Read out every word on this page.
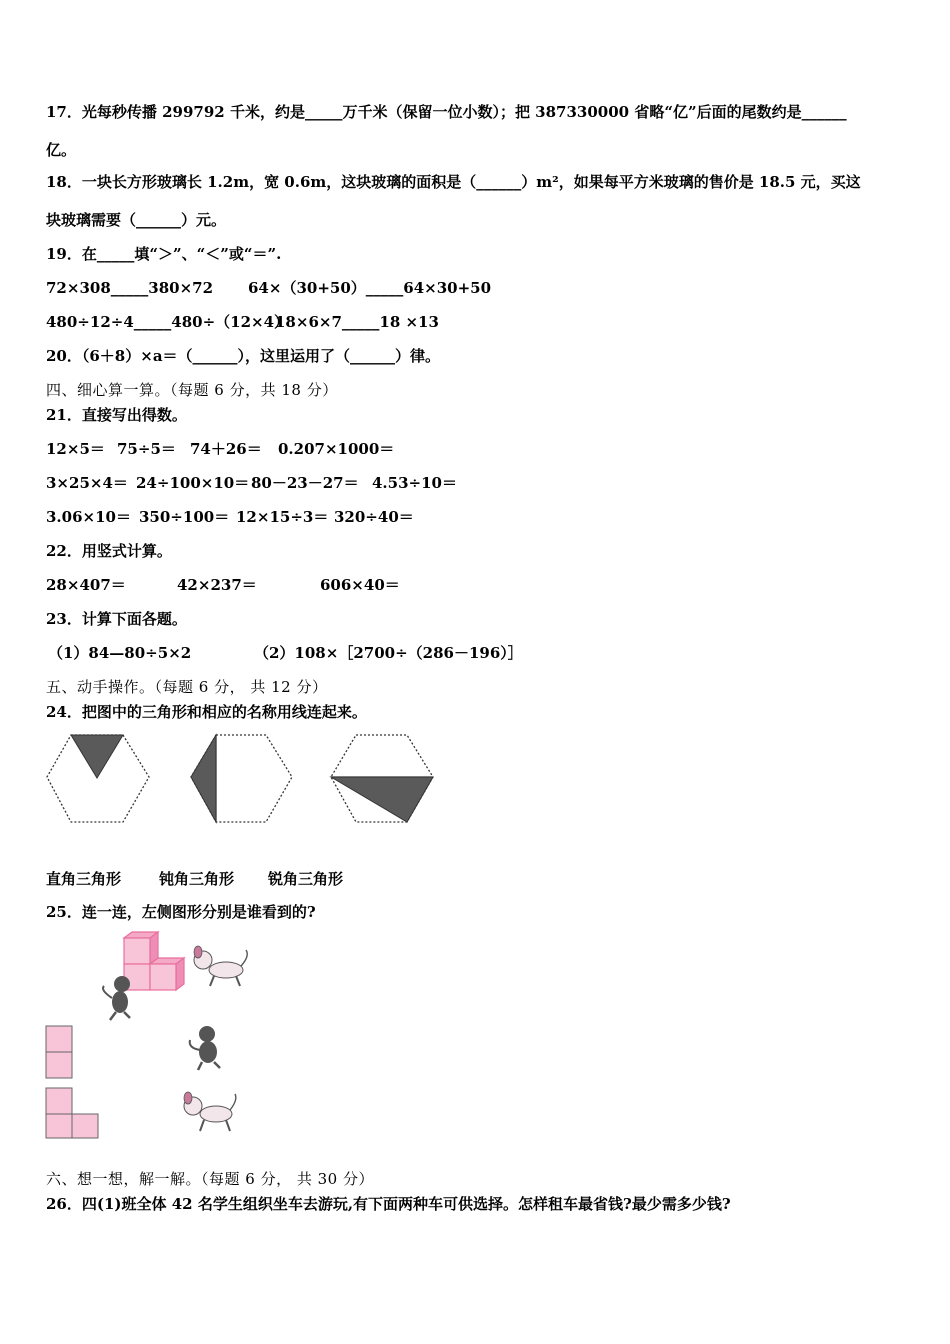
17．光每秒传播 299792 千米，约是_____万千米（保留一位小数）；把 387330000 省略“亿”后面的尾数约是______
亿。
18．一块长方形玻璃长 1.2m，宽 0.6m，这块玻璃的面积是（______）m²，如果每平方米玻璃的售价是 18.5 元，买这
块玻璃需要（______）元。
19．在_____填“＞”、“＜”或“＝”.
72×308_____380×72 64×（30+50）_____64×30+50
480÷12÷4_____480÷（12×4）
18×6×7_____18 ×13
20．（6＋8）×a＝（______），这里运用了（______）律。
四、细心算一算。（每题 6 分，共 18 分）
21．直接写出得数。
12×5＝ 75÷5＝ 74＋26＝ 0.207×1000＝
3×25×4＝ 24÷100×10＝ 80－23－27＝ 4.53÷10＝
3.06×10＝ 350÷100＝ 12×15÷3＝ 320÷40＝
22．用竖式计算。
28×407＝	42×237＝	606×40＝
23．计算下面各题。
（1）84—80÷5×2	（2）108×［2700÷（286－196）］
五、动手操作。（每题 6 分， 共 12 分）
24．把图中的三角形和相应的名称用线连起来。
直角三角形	钝角三角形 锐角三角形
25．连一连，左侧图形分别是谁看到的?
六、想一想，解一解。（每题 6 分， 共 30 分）
26．四(1)班全体 42 名学生组织坐车去游玩,有下面两种车可供选择。怎样租车最省钱?最少需多少钱?
